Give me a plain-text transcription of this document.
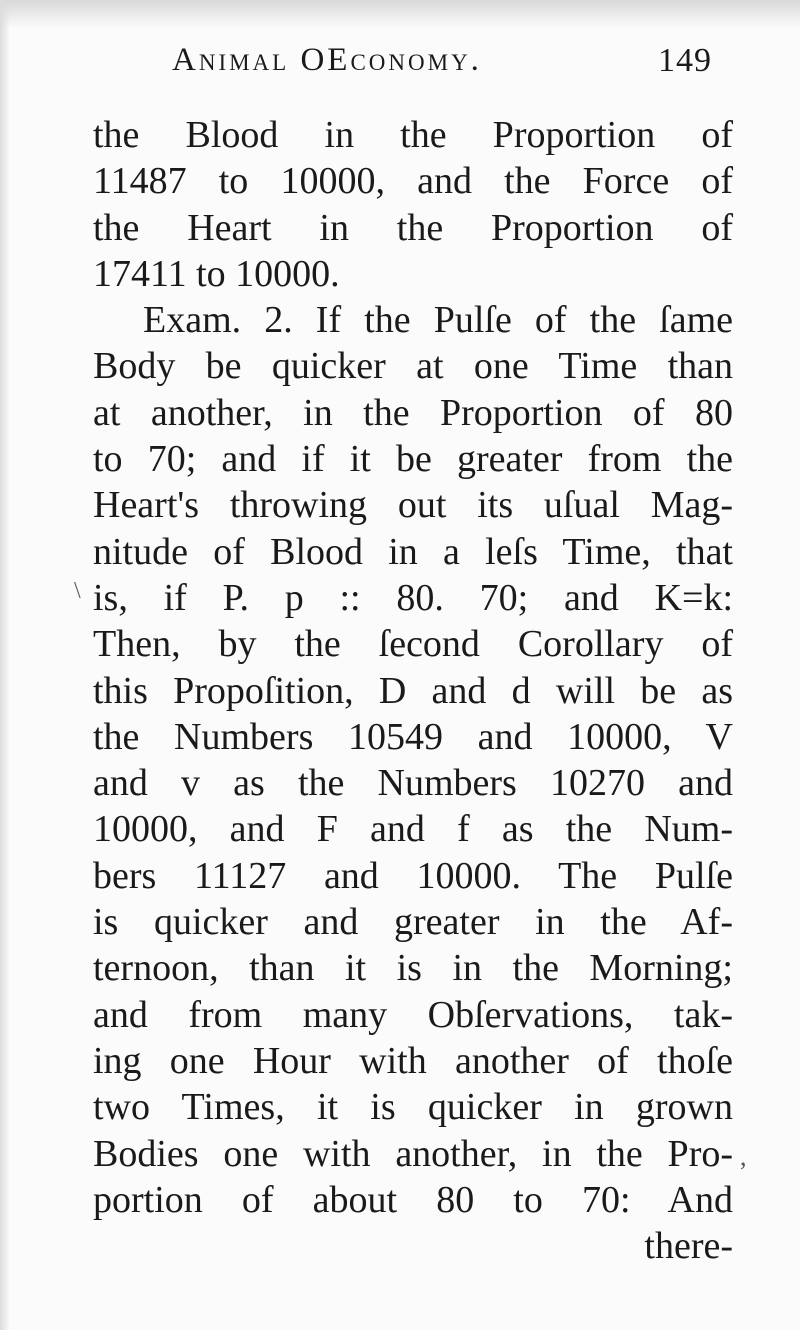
Animal OEconomy.	149
the Blood in the Proportion of
11487 to 10000, and the Force of
the Heart in the Proportion of
17411 to 10000.
Exam. 2. If the Pulſe of the ſame
Body be quicker at one Time than
at another, in the Proportion of 80
to 70; and if it be greater from the
Heart's throwing out its uſual Mag-
nitude of Blood in a leſs Time, that
is, if P. p :: 80. 70; and K=k:
Then, by the ſecond Corollary of
this Propoſition, D and d will be as
the Numbers 10549 and 10000, V
and v as the Numbers 10270 and
10000, and F and f as the Num-
bers 11127 and 10000. The Pulſe
is quicker and greater in the Af-
ternoon, than it is in the Morning;
and from many Obſervations, tak-
ing one Hour with another of thoſe
two Times, it is quicker in grown
Bodies one with another, in the Pro-
portion of about 80 to 70: And
there-
\
,
